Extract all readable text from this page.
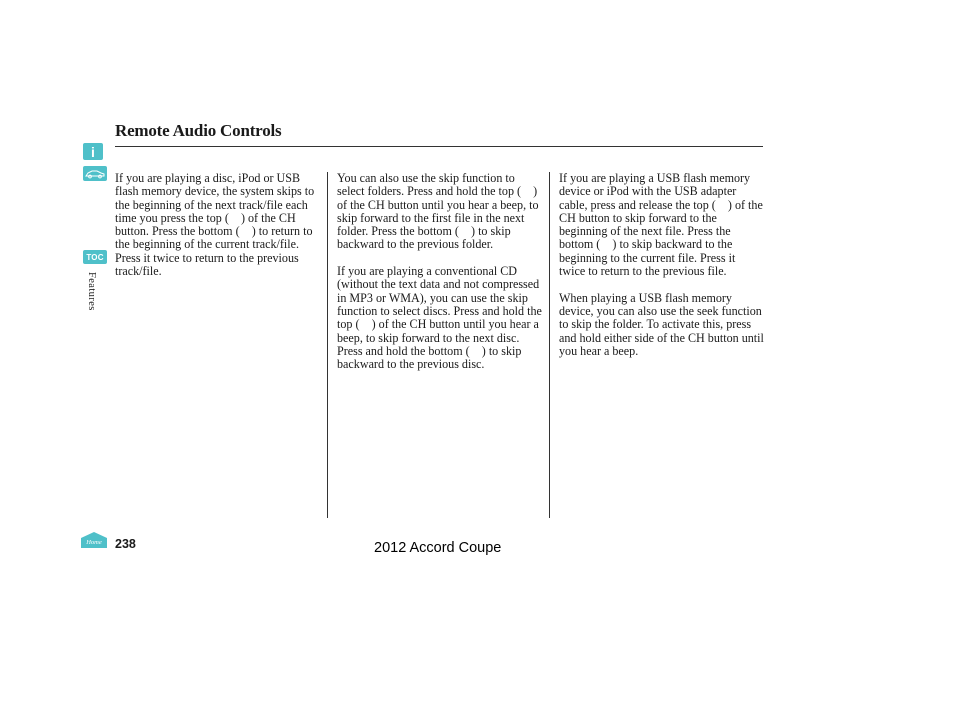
Remote Audio Controls
i
TOC
Features

If you are playing a disc, iPod or USB flash memory device, the system skips to the beginning of the next track/file each time you press the top ( ) of the CH button. Press the bottom ( ) to return to the beginning of the current track/file. Press it twice to return to the previous track/file.

You can also use the skip function to select folders. Press and hold the top ( ) of the CH button until you hear a beep, to skip forward to the first file in the next folder. Press the bottom ( ) to skip backward to the previous folder.

If you are playing a conventional CD (without the text data and not compressed in MP3 or WMA), you can use the skip function to select discs. Press and hold the top ( ) of the CH button until you hear a beep, to skip forward to the next disc. Press and hold the bottom ( ) to skip backward to the previous disc.

If you are playing a USB flash memory device or iPod with the USB adapter cable, press and release the top ( ) of the CH button to skip forward to the beginning of the next file. Press the bottom ( ) to skip backward to the beginning to the current file. Press it twice to return to the previous file.

When playing a USB flash memory device, you can also use the seek function to skip the folder. To activate this, press and hold either side of the CH button until you hear a beep.

Home 238	2012 Accord Coupe
